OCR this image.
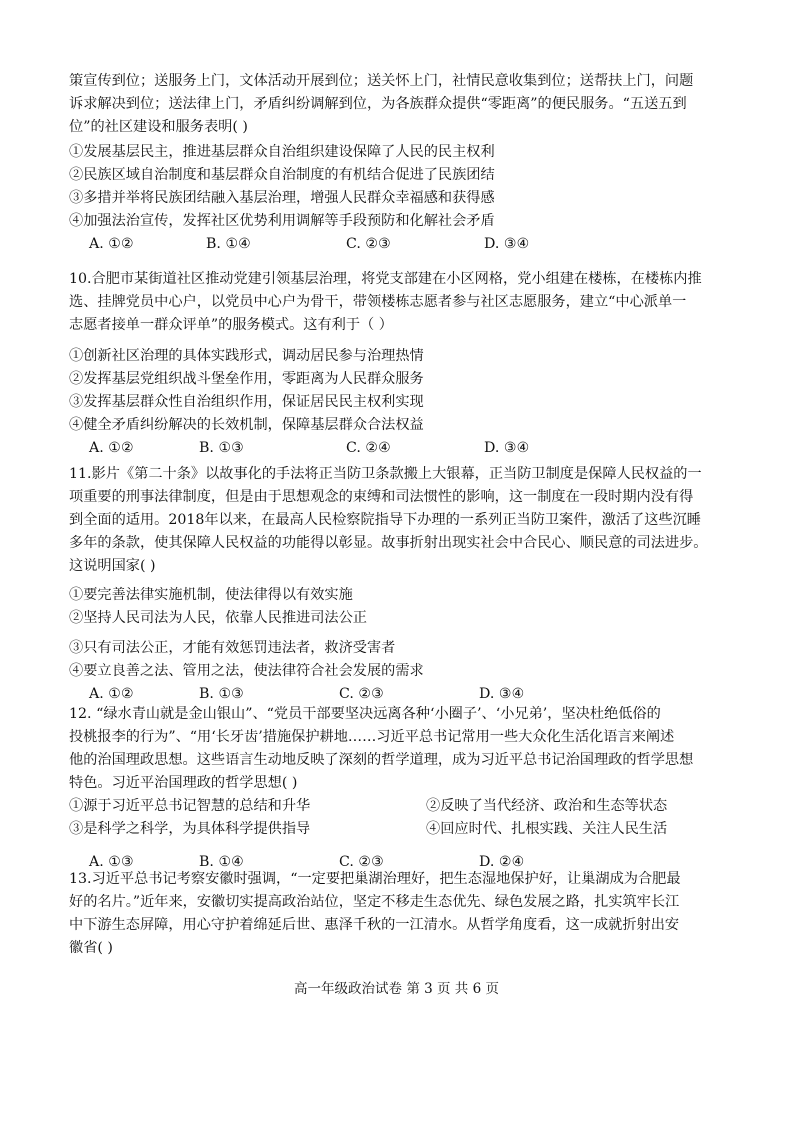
策宣传到位；送服务上门，文体活动开展到位；送关怀上门，社情民意收集到位；送帮扶上门，问题
诉求解决到位；送法律上门，矛盾纠纷调解到位，为各族群众提供“零距离”的便民服务。“五送五到
位”的社区建设和服务表明( )
①发展基层民主，推进基层群众自治组织建设保障了人民的民主权利
②民族区域自治制度和基层群众自治制度的有机结合促进了民族团结
③多措并举将民族团结融入基层治理，增强人民群众幸福感和获得感
④加强法治宣传，发挥社区优势利用调解等手段预防和化解社会矛盾
A. ①②	B. ①④	C. ②③	D. ③④
10.合肥市某街道社区推动党建引领基层治理，将党支部建在小区网格，党小组建在楼栋，在楼栋内推
选、挂牌党员中心户，以党员中心户为骨干，带领楼栋志愿者参与社区志愿服务，建立“中心派单一
志愿者接单一群众评单”的服务模式。这有利于（ ）
①创新社区治理的具体实践形式，调动居民参与治理热情
②发挥基层党组织战斗堡垒作用，零距离为人民群众服务
③发挥基层群众性自治组织作用，保证居民民主权利实现
④健全矛盾纠纷解决的长效机制，保障基层群众合法权益
A. ①②	B. ①③	C. ②④	D. ③④
11.影片《第二十条》以故事化的手法将正当防卫条款搬上大银幕，正当防卫制度是保障人民权益的一
项重要的刑事法律制度，但是由于思想观念的束缚和司法惯性的影响，这一制度在一段时期内没有得
到全面的适用。2018年以来，在最高人民检察院指导下办理的一系列正当防卫案件，激活了这些沉睡
多年的条款，使其保障人民权益的功能得以彰显。故事折射出现实社会中合民心、顺民意的司法进步。
这说明国家( )
①要完善法律实施机制，使法律得以有效实施
②坚持人民司法为人民，依靠人民推进司法公正
③只有司法公正，才能有效惩罚违法者，救济受害者
④要立良善之法、管用之法，使法律符合社会发展的需求
A. ①②	B. ①③	C. ②③	D. ③④
12. “绿水青山就是金山银山”、“党员干部要坚决远离各种‘小圈子’、‘小兄弟’，坚决杜绝低俗的
投桃报李的行为”、“用‘长牙齿’措施保护耕地……习近平总书记常用一些大众化生活化语言来阐述
他的治国理政思想。这些语言生动地反映了深刻的哲学道理，成为习近平总书记治国理政的哲学思想
特色。习近平治国理政的哲学思想( )
①源于习近平总书记智慧的总结和升华	②反映了当代经济、政治和生态等状态
③是科学之科学，为具体科学提供指导	④回应时代、扎根实践、关注人民生活
A. ①③	B. ①④	C. ②③	D. ②④
13.习近平总书记考察安徽时强调，“一定要把巢湖治理好，把生态湿地保护好，让巢湖成为合肥最
好的名片。”近年来，安徽切实提高政治站位，坚定不移走生态优先、绿色发展之路，扎实筑牢长江
中下游生态屏障，用心守护着绵延后世、惠泽千秋的一江清水。从哲学角度看，这一成就折射出安
徽省( )
高一年级政治试卷 第 3 页 共 6 页
